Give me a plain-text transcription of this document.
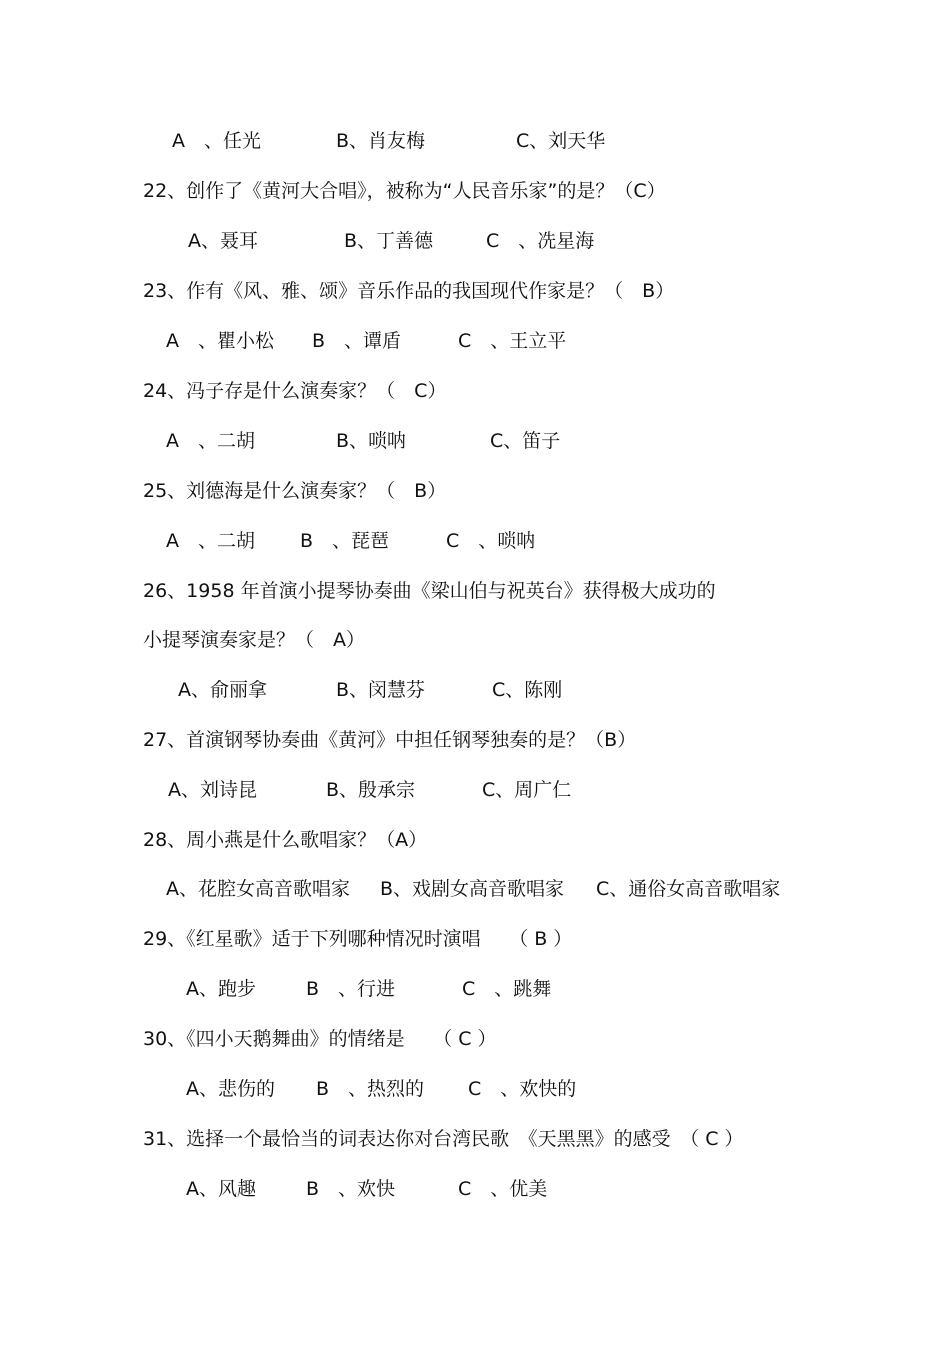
A　、任光	B、肖友梅	C、刘天华
22、创作了《黄河大合唱》，被称为“人民音乐家”的是？（C）
A、聂耳	B、丁善德	C　、冼星海
23、作有《风、雅、颂》音乐作品的我国现代作家是？（　B）
A　、瞿小松 B　、谭盾	C　、王立平
24、冯子存是什么演奏家？（　C）
A　、二胡	B、唢呐	C、笛子
25、刘德海是什么演奏家？（　B）
A　、二胡 B　、琵琶	C　、唢呐
26、1958 年首演小提琴协奏曲《梁山伯与祝英台》获得极大成功的
小提琴演奏家是？（　A）
A、俞丽拿	B、闵慧芬	C、陈刚
27、首演钢琴协奏曲《黄河》中担任钢琴独奏的是？（B）
A、刘诗昆	B、殷承宗	C、周广仁
28、周小燕是什么歌唱家？（A）
A、花腔女高音歌唱家 B、戏剧女高音歌唱家 C、通俗女高音歌唱家
29、《红星歌》适于下列哪种情况时演唱　　（ B ）
A、跑步	B　、行进	C　、跳舞
30、《四小天鹅舞曲》的情绪是　　（ C ）
A、悲伤的 B　、热烈的 C　、欢快的
31、选择一个最恰当的词表达你对台湾民歌　《天黑黑》的感受　（ C ）
A、风趣	B　、欢快	C　、优美
